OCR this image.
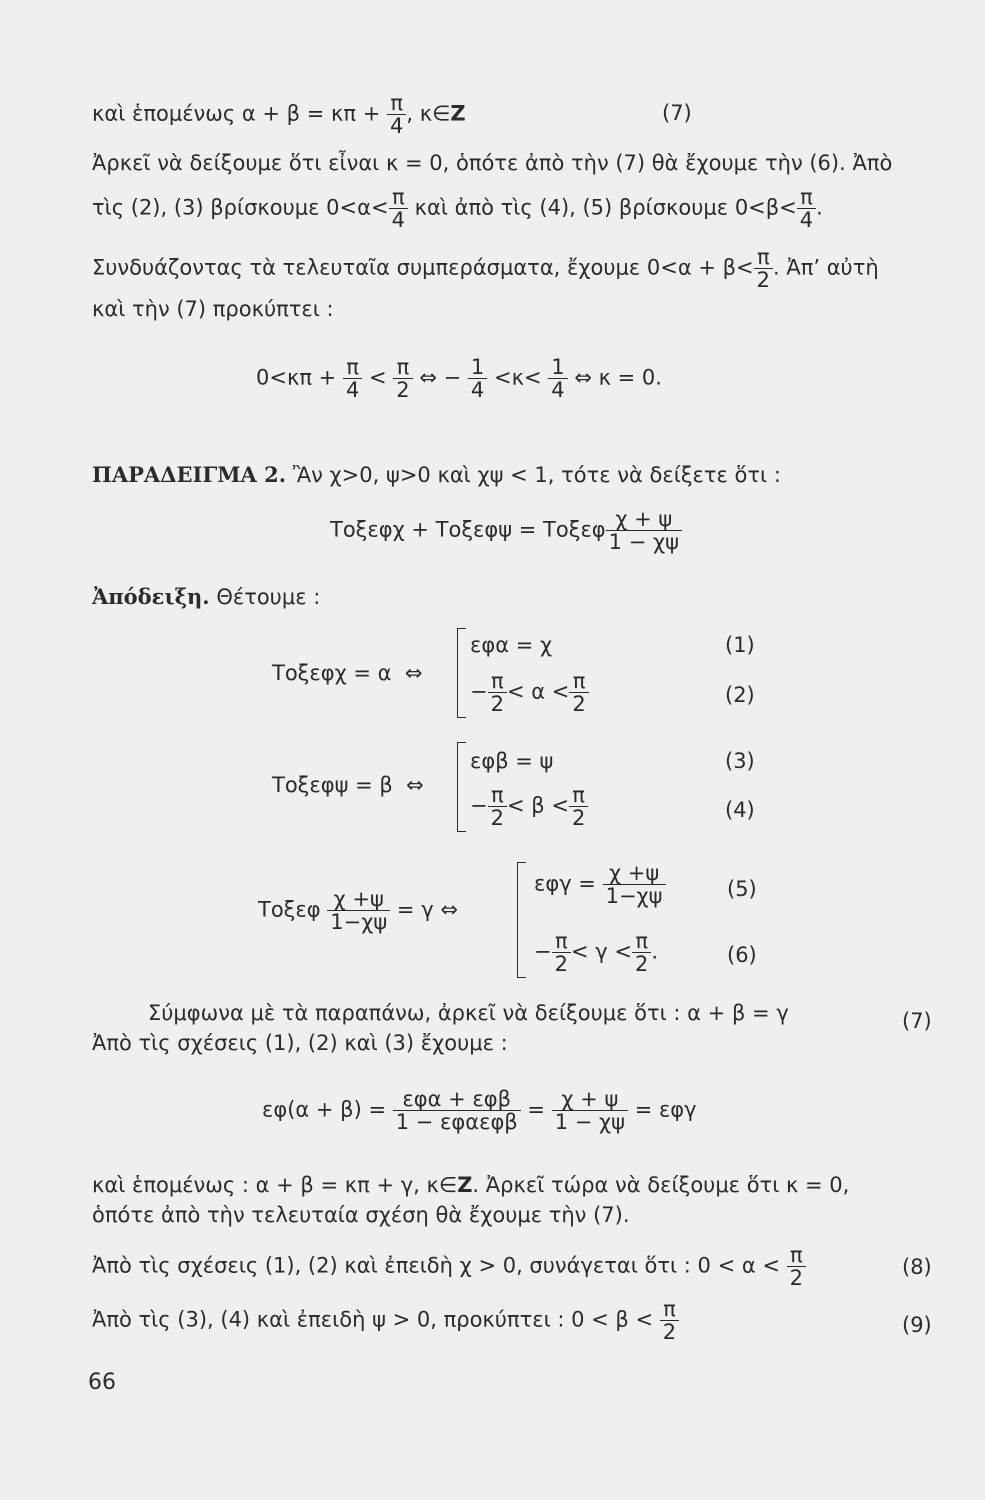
καὶ ἑπομένως $\alpha + \beta = \kappa\pi + \frac{\pi}{4}$ , κ∈Z	(7)
Ἀρκεῖ νὰ δείξουμε ὅτι εἶναι κ = 0, ὁπότε ἀπὸ τὴν (7) θὰ ἔχουμε τὴν (6). Ἀπὸ
τὶς (2), (3) βρίσκουμε $0<\alpha< \frac{\pi}{4}$ καὶ ἀπὸ τὶς (4), (5) βρίσκουμε $0<\beta< \frac{\pi}{4}$ .
Συνδυάζοντας τὰ τελευταῖα συμπεράσματα, ἔχουμε $0<\alpha + \beta< \frac{\pi}{2}$ . Ἀπ’ αὐτὴ
καὶ τὴν (7) προκύπτει :
$0<\kappa\pi + \frac{\pi}{4} < \frac{\pi}{2}$ ⇔ − $\frac{1}{4} <\kappa< \frac{1}{4}$ ⇔ κ = 0.
ΠΑΡΑΔΕΙΓΜΑ 2. Ἂν χ>0, ψ>0 καὶ χψ < 1, τότε νὰ δείξετε ὅτι :
Τοξεφχ + Τοξεφψ = Τοξεφ $\frac{\chi + \psi}{1 - \chi\psi}$
Ἀπόδειξη. Θέτουμε :
Τοξεφχ = α ⇔
εφα = χ	(1)
− $\frac{\pi}{2} < \alpha < \frac{\pi}{2}$	(2)
Τοξεφψ = β ⇔
εφβ = ψ	(3)
− $\frac{\pi}{2} < \beta < \frac{\pi}{2}$	(4)
Τοξεφ $\frac{\chi +\psi}{1-\chi\psi} = \gamma$ ⇔
$\varepsilon\varphi\gamma = \frac{\chi +\psi}{1-\chi\psi}$	(5)
− $\frac{\pi}{2} < \gamma < \frac{\pi}{2}$ .	(6)
Σύμφωνα μὲ τὰ παραπάνω, ἀρκεῖ νὰ δείξουμε ὅτι : α + β = γ	(7)
Ἀπὸ τὶς σχέσεις (1), (2) καὶ (3) ἔχουμε :
$\varepsilon\varphi(\alpha + \beta) = \frac{\text{εφα + εφβ}}{\text{1 − εφαεφβ}} = \frac{\chi + \psi}{1 - \chi\psi} = \varepsilon\varphi\gamma$
καὶ ἑπομένως : α + β = κπ + γ, κ∈Z. Ἀρκεῖ τώρα νὰ δείξουμε ὅτι κ = 0,
ὁπότε ἀπὸ τὴν τελευταία σχέση θὰ ἔχουμε τὴν (7).
Ἀπὸ τὶς σχέσεις (1), (2) καὶ ἐπειδὴ χ > 0, συνάγεται ὅτι : $0 < \alpha < \frac{\pi}{2}$	(8)
Ἀπὸ τὶς (3), (4) καὶ ἐπειδὴ ψ > 0, προκύπτει : $0 < \beta < \frac{\pi}{2}$	(9)
66
